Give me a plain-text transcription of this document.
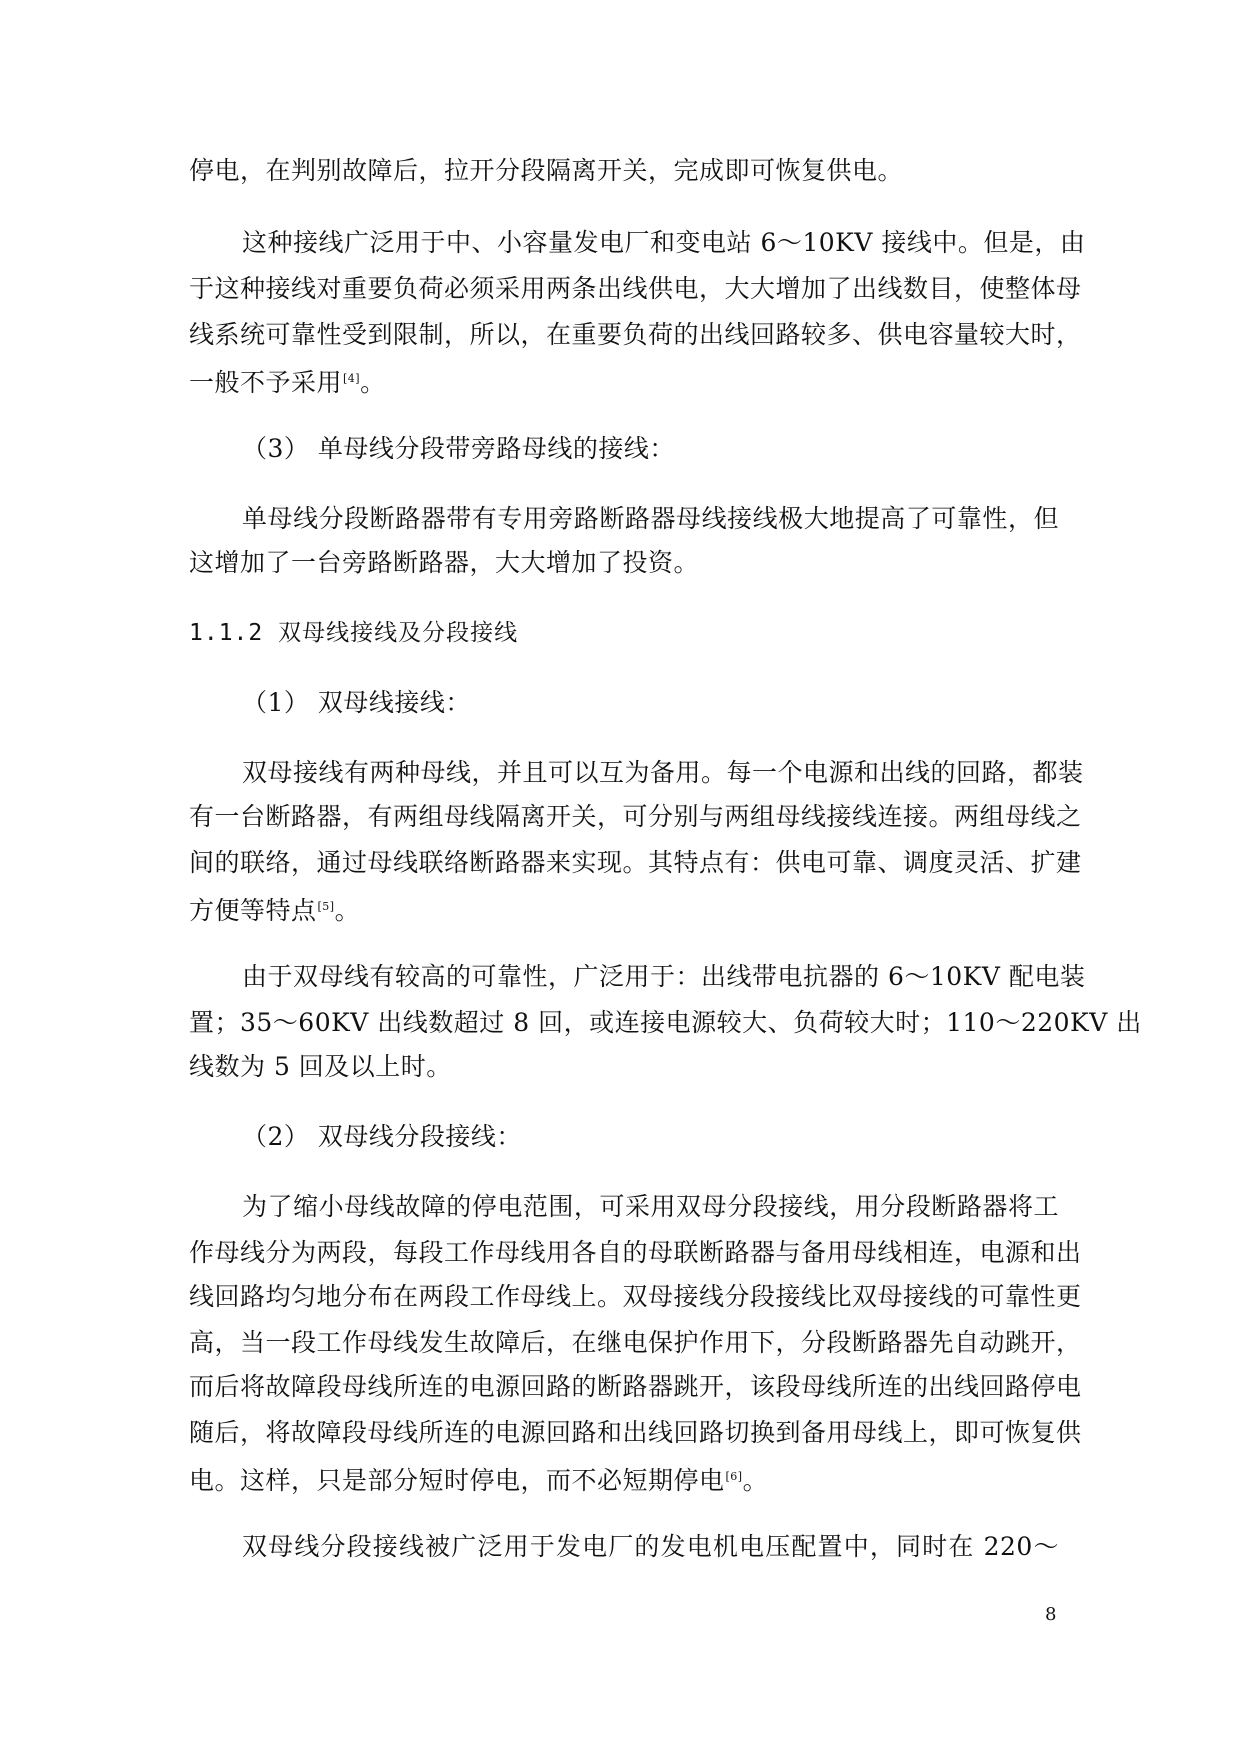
停电，在判别故障后，拉开分段隔离开关，完成即可恢复供电。
这种接线广泛用于中、小容量发电厂和变电站 6～10KV 接线中。但是，由
于这种接线对重要负荷必须采用两条出线供电，大大增加了出线数目，使整体母
线系统可靠性受到限制，所以，在重要负荷的出线回路较多、供电容量较大时，
一般不予采用[4]。
（3） 单母线分段带旁路母线的接线：
单母线分段断路器带有专用旁路断路器母线接线极大地提高了可靠性，但
这增加了一台旁路断路器，大大增加了投资。
1.1.2 双母线接线及分段接线
（1） 双母线接线：
双母接线有两种母线，并且可以互为备用。每一个电源和出线的回路，都装
有一台断路器，有两组母线隔离开关，可分别与两组母线接线连接。两组母线之
间的联络，通过母线联络断路器来实现。其特点有：供电可靠、调度灵活、扩建
方便等特点[5]。
由于双母线有较高的可靠性，广泛用于：出线带电抗器的 6～10KV 配电装
置；35～60KV 出线数超过 8 回，或连接电源较大、负荷较大时；110～220KV 出
线数为 5 回及以上时。
（2） 双母线分段接线：
为了缩小母线故障的停电范围，可采用双母分段接线，用分段断路器将工
作母线分为两段，每段工作母线用各自的母联断路器与备用母线相连，电源和出
线回路均匀地分布在两段工作母线上。双母接线分段接线比双母接线的可靠性更
高，当一段工作母线发生故障后，在继电保护作用下，分段断路器先自动跳开，
而后将故障段母线所连的电源回路的断路器跳开，该段母线所连的出线回路停电
随后，将故障段母线所连的电源回路和出线回路切换到备用母线上，即可恢复供
电。这样，只是部分短时停电，而不必短期停电[6]。
双母线分段接线被广泛用于发电厂的发电机电压配置中，同时在 220～
8
